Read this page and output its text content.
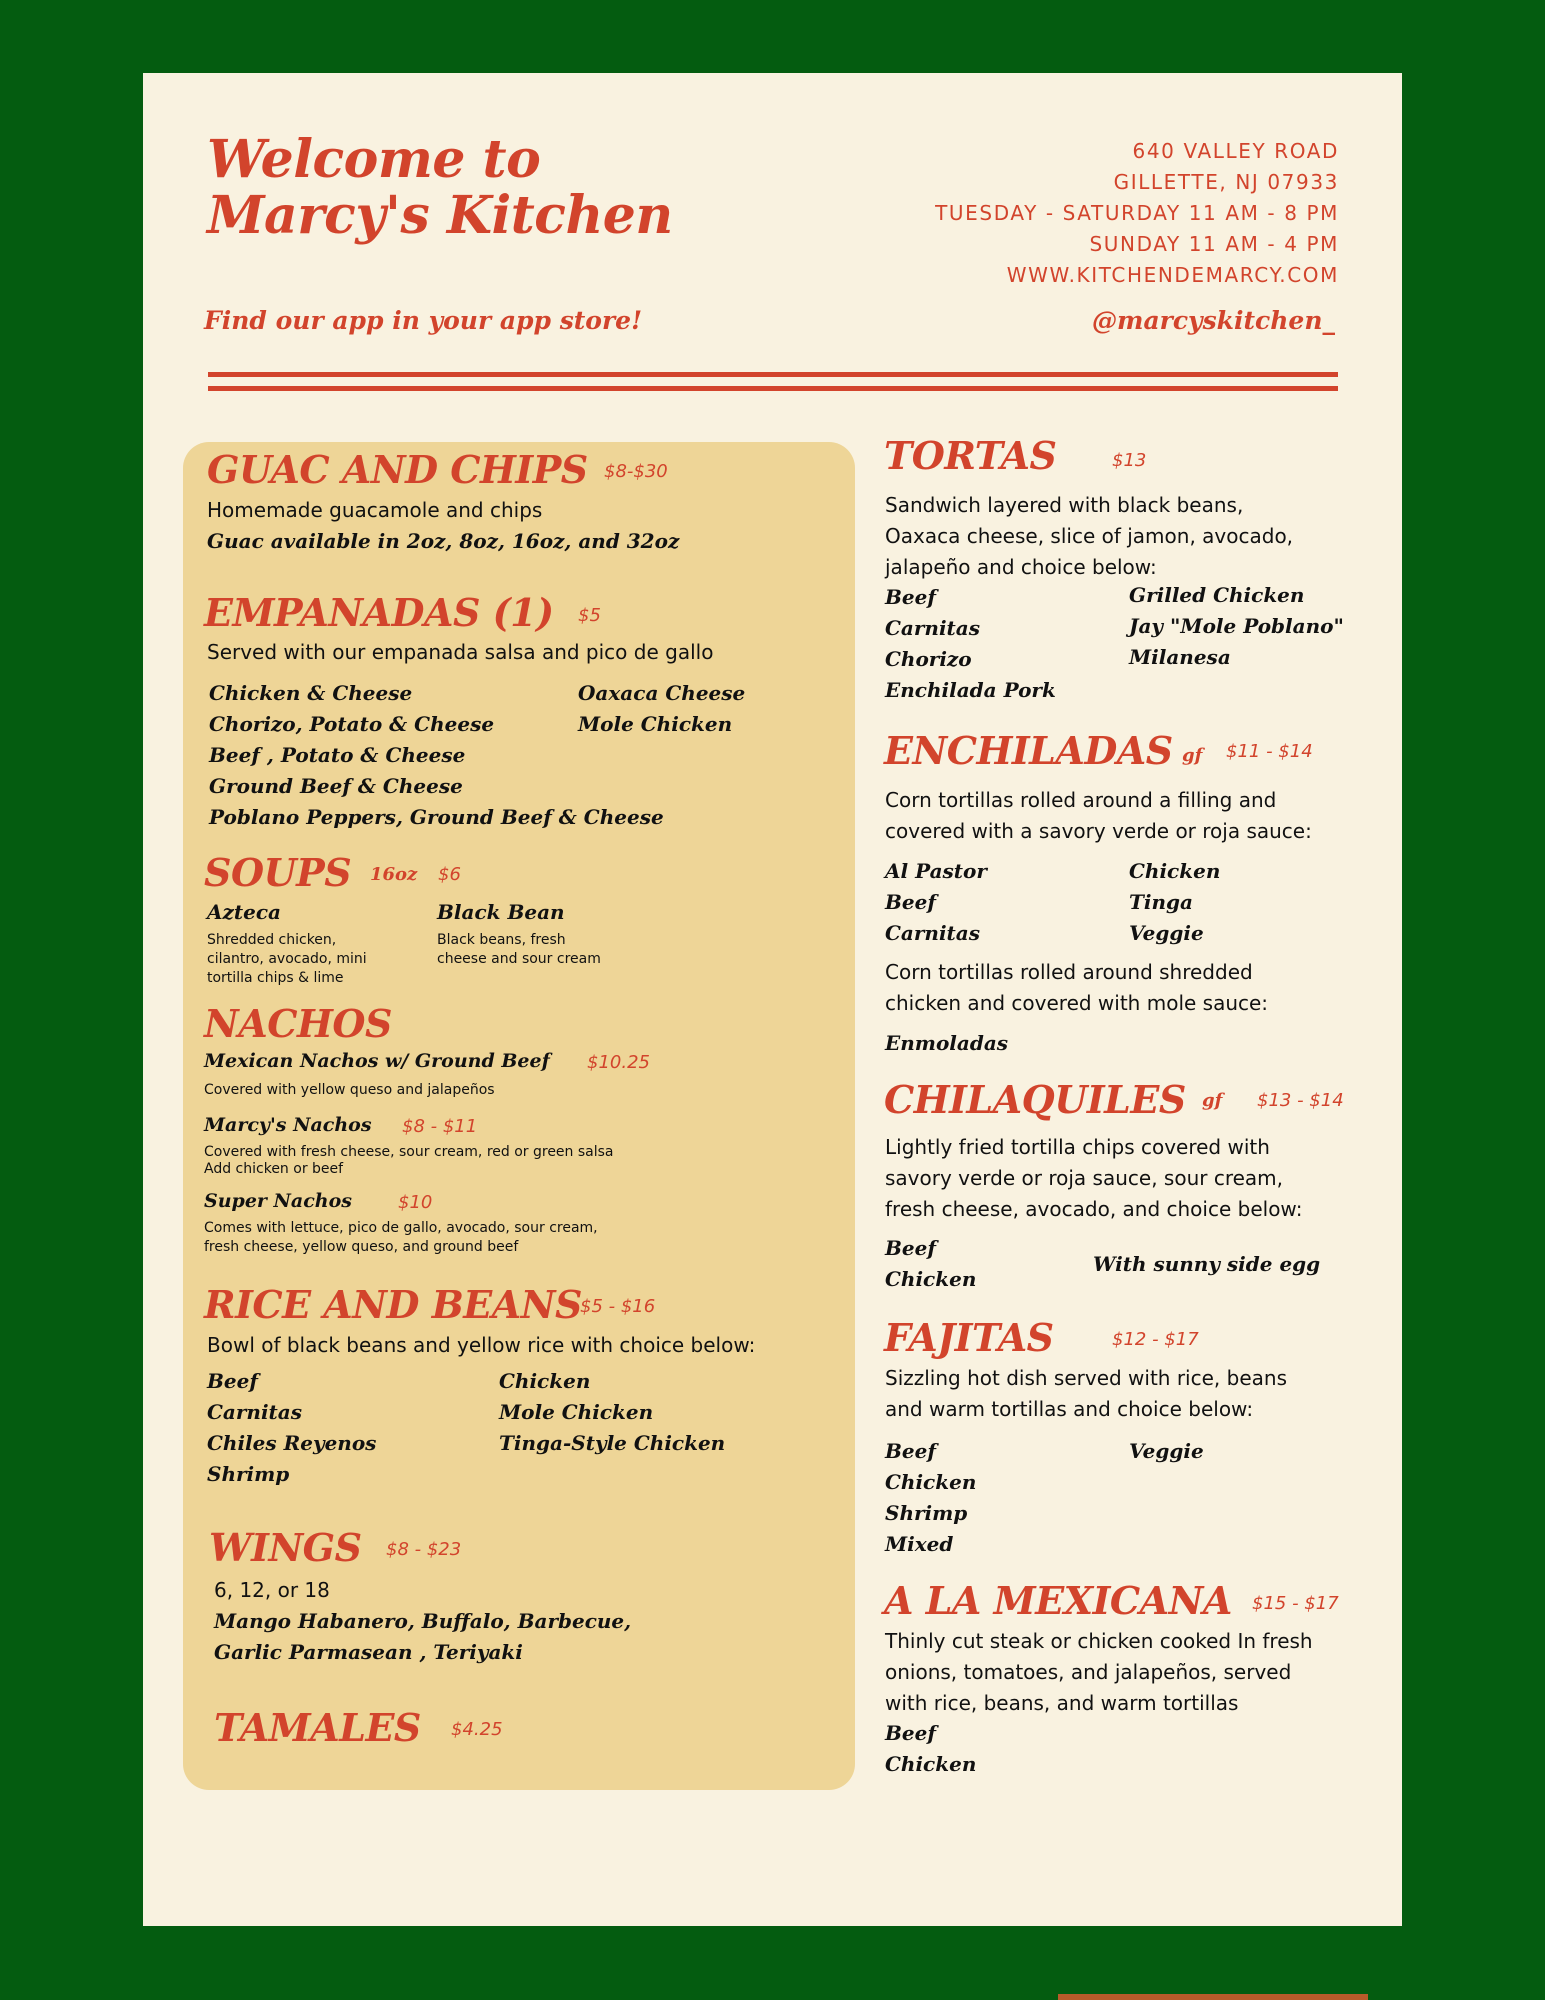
Welcome to
Marcy's Kitchen
Find our app in your app store!
640 VALLEY ROAD
GILLETTE, NJ 07933
TUESDAY - SATURDAY 11 AM - 8 PM
SUNDAY 11 AM - 4 PM
WWW.KITCHENDEMARCY.COM
@marcyskitchen_
GUAC AND CHIPS $8-$30
Homemade guacamole and chips
Guac available in 2oz, 8oz, 16oz, and 32oz
EMPANADAS (1) $5
Served with our empanada salsa and pico de gallo
Chicken & Cheese
Chorizo, Potato & Cheese
Beef , Potato & Cheese
Ground Beef & Cheese
Poblano Peppers, Ground Beef & Cheese
Oaxaca Cheese
Mole Chicken
SOUPS 16oz $6
Azteca
Shredded chicken, cilantro, avocado, mini tortilla chips & lime
Black Bean
Black beans, fresh cheese and sour cream
NACHOS
Mexican Nachos w/ Ground Beef $10.25
Covered with yellow queso and jalapeños
Marcy's Nachos $8 - $11
Covered with fresh cheese, sour cream, red or green salsa
Add chicken or beef
Super Nachos	$10
Comes with lettuce, pico de gallo, avocado, sour cream,
fresh cheese, yellow queso, and ground beef
RICE AND BEANS
$5 - $16
Bowl of black beans and yellow rice with choice below:
Beef
Carnitas
Chiles Reyenos
Shrimp
Chicken
Mole Chicken
Tinga-Style Chicken
WINGS $8 - $23
6, 12, or 18
Mango Habanero, Buffalo, Barbecue,
Garlic Parmasean , Teriyaki
TAMALES $4.25
TORTAS	$13
Sandwich layered with black beans,
Oaxaca cheese, slice of jamon, avocado,
jalapeño and choice below:
Beef
Carnitas
Chorizo
Enchilada Pork
Grilled Chicken
Jay "Mole Poblano"
Milanesa
ENCHILADAS gf $11 - $14
Corn tortillas rolled around a filling and
covered with a savory verde or roja sauce:
Al Pastor
Beef
Carnitas
Chicken
Tinga
Veggie
Corn tortillas rolled around shredded
chicken and covered with mole sauce:
Enmoladas
CHILAQUILES gf $13 - $14
Lightly fried tortilla chips covered with
savory verde or roja sauce, sour cream,
fresh cheese, avocado, and choice below:
Beef
Chicken
With sunny side egg
FAJITAS	$12 - $17
Sizzling hot dish served with rice, beans
and warm tortillas and choice below:
Beef
Chicken
Shrimp
Mixed
Veggie
A LA MEXICANA $15 - $17
Thinly cut steak or chicken cooked In fresh
onions, tomatoes, and jalapeños, served
with rice, beans, and warm tortillas
Beef
Chicken
